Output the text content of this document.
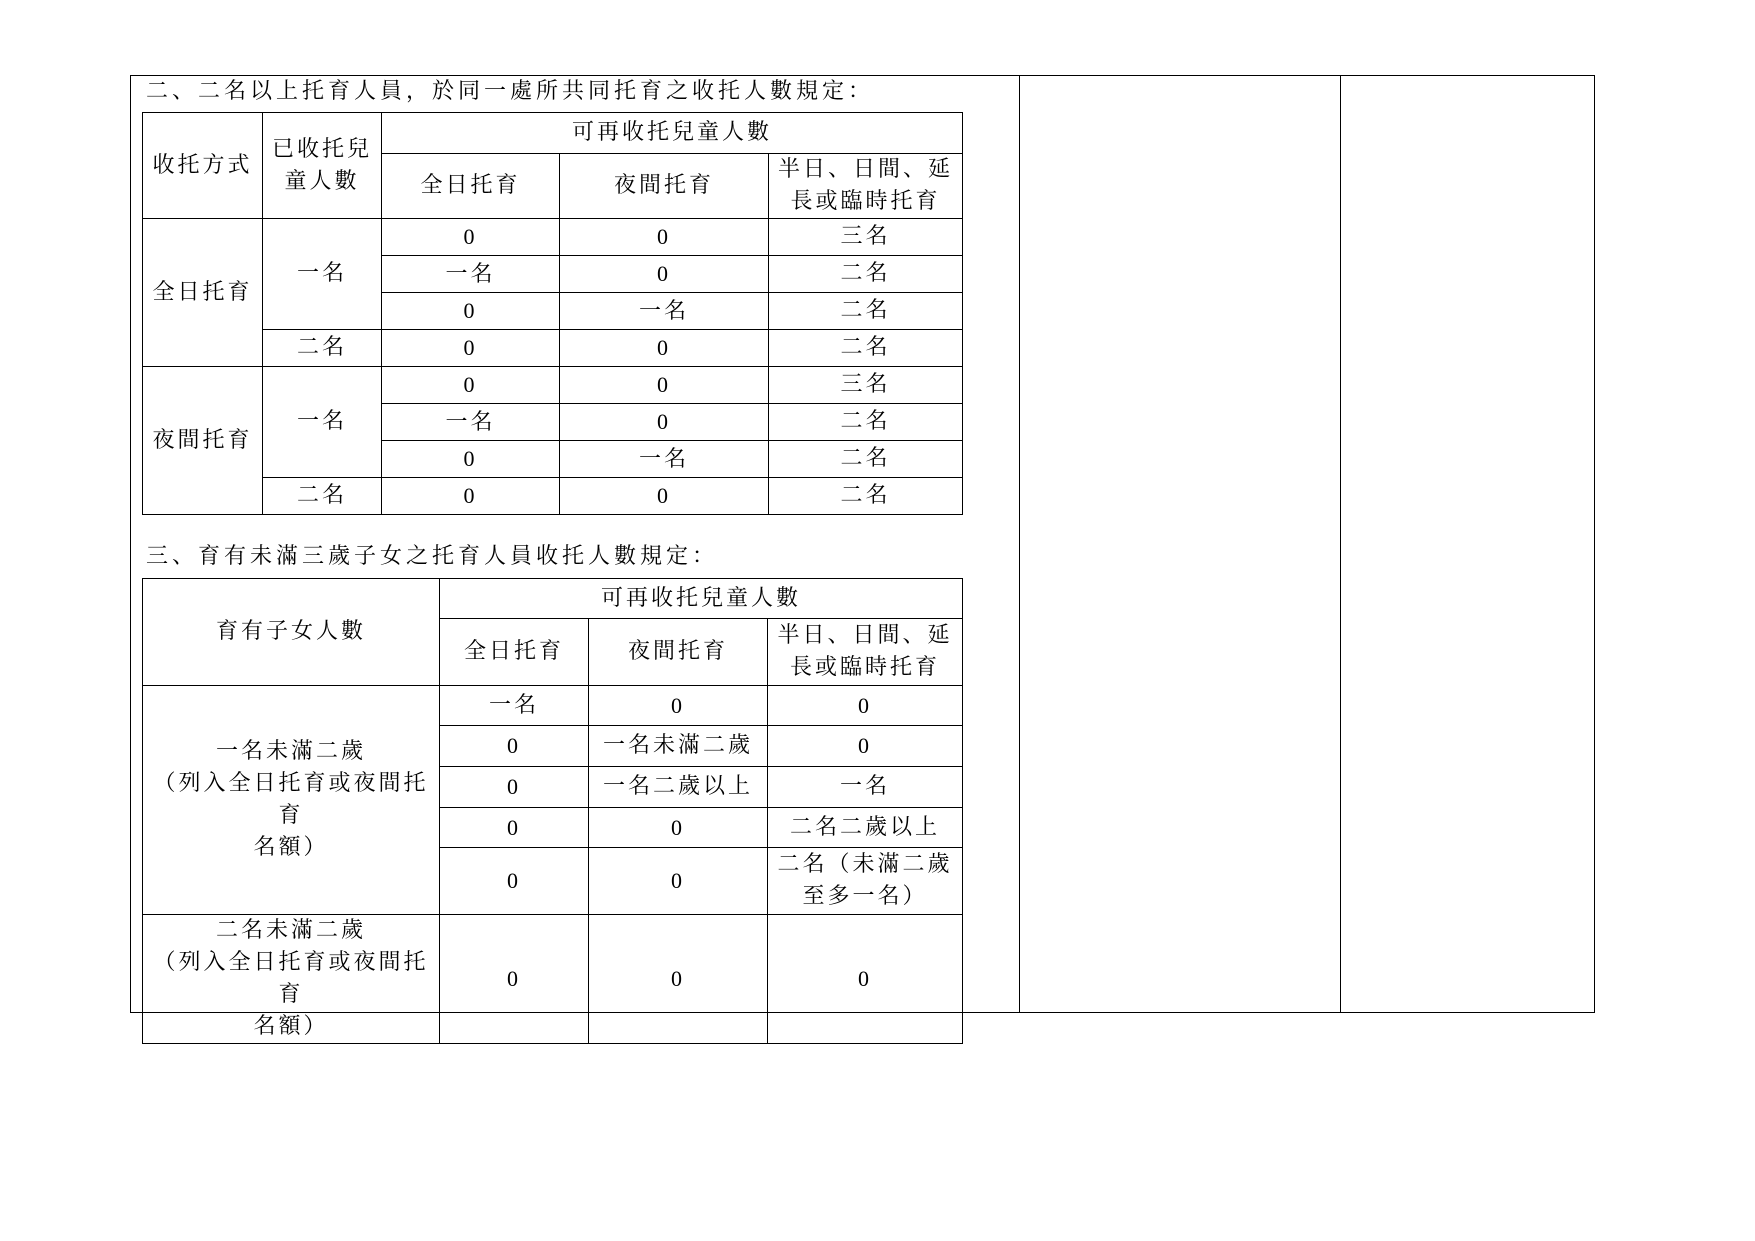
二、二名以上托育人員，於同一處所共同托育之收托人數規定：
收托方式	已收托兒童人數	可再收托兒童人數		
		全日托育	夜間托育	半日、日間、延長或臨時托育
全日托育	一名	0	0	三名
		一名	0	二名
		0	一名	二名
	二名	0	0	二名
夜間托育	一名	0	0	三名
		一名	0	二名
		0	一名	二名
	二名	0	0	二名
三、育有未滿三歲子女之托育人員收托人數規定：
育有子女人數	可再收托兒童人數		
	全日托育	夜間托育	半日、日間、延長或臨時托育

一名未滿二歲
（列入全日托育或夜間托育
名額）	一名	0	0
	0	一名未滿二歲	0
	0	一名二歲以上	一名
	0	0	二名二歲以上
	0	0	二名（未滿二歲至多一名）

二名未滿二歲
（列入全日托育或夜間托育
名額）	0	0	0
